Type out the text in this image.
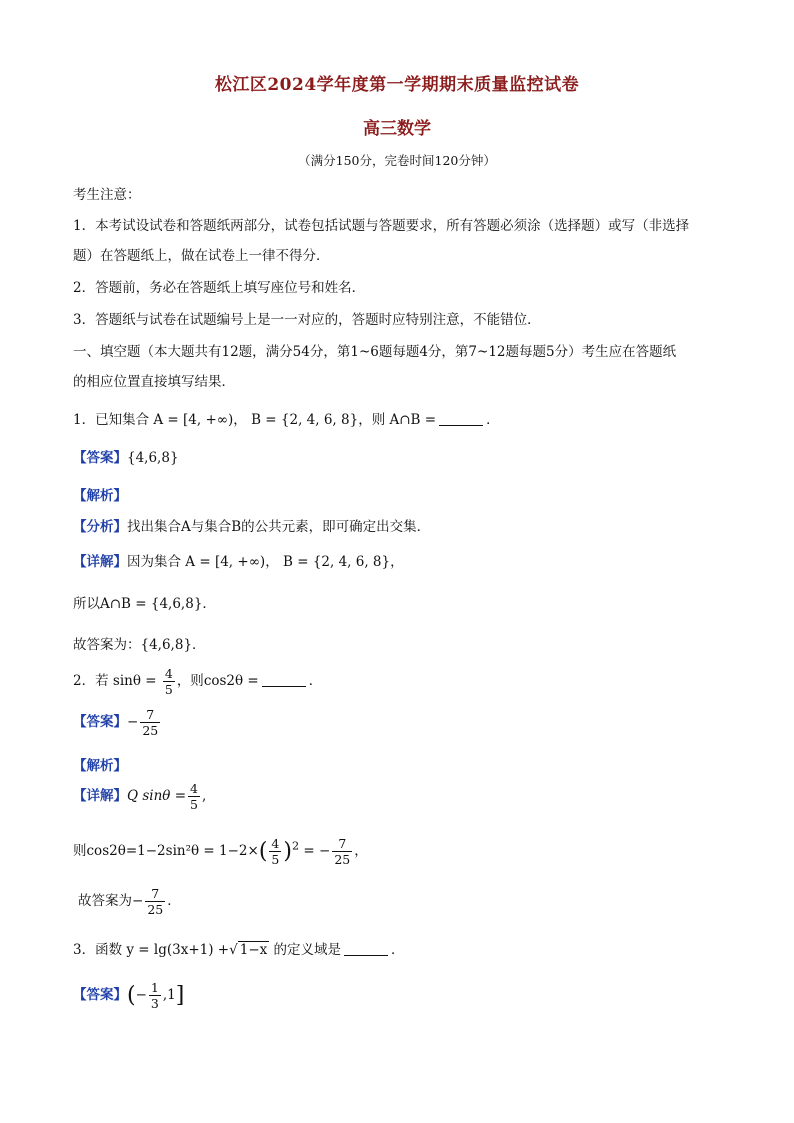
松江区2024学年度第一学期期末质量监控试卷
高三数学
（满分150分，完卷时间120分钟）
考生注意：
1．本考试设试卷和答题纸两部分，试卷包括试题与答题要求，所有答题必须涂（选择题）或写（非选择
题）在答题纸上，做在试卷上一律不得分．
2．答题前，务必在答题纸上填写座位号和姓名．
3．答题纸与试卷在试题编号上是一一对应的，答题时应特别注意，不能错位．
一、填空题（本大题共有12题，满分54分，第1~6题每题4分，第7~12题每题5分）考生应在答题纸
的相应位置直接填写结果．
1．已知集合 A = [4, +∞)， B = {2, 4, 6, 8}，则 A∩B =	．
【答案】{4,6,8}
【解析】
【分析】找出集合A与集合B的公共元素，即可确定出交集．
【详解】因为集合 A = [4, +∞)， B = {2, 4, 6, 8}，
所以A∩B = {4,6,8}．
故答案为：{4,6,8}．
2．若 $\sin\theta = \frac{4}{5}$ ，则cos2θ =	．
【答案】− $\frac{7}{25}$
【解析】
【详解】Q $\sin\theta = \frac{4}{5}$ ,
则$\cos 2\theta=1-2\sin^2\theta = 1-2\times( \frac{4}{5} )^2$ = − $\frac{7}{25}$ ，
故答案为− $\frac{7}{25}$ ．
3．函数 y = lg(3x+1) +√ 1−x 的定义域是	．
【答案】(− $\frac{1}{3} ,1$]
